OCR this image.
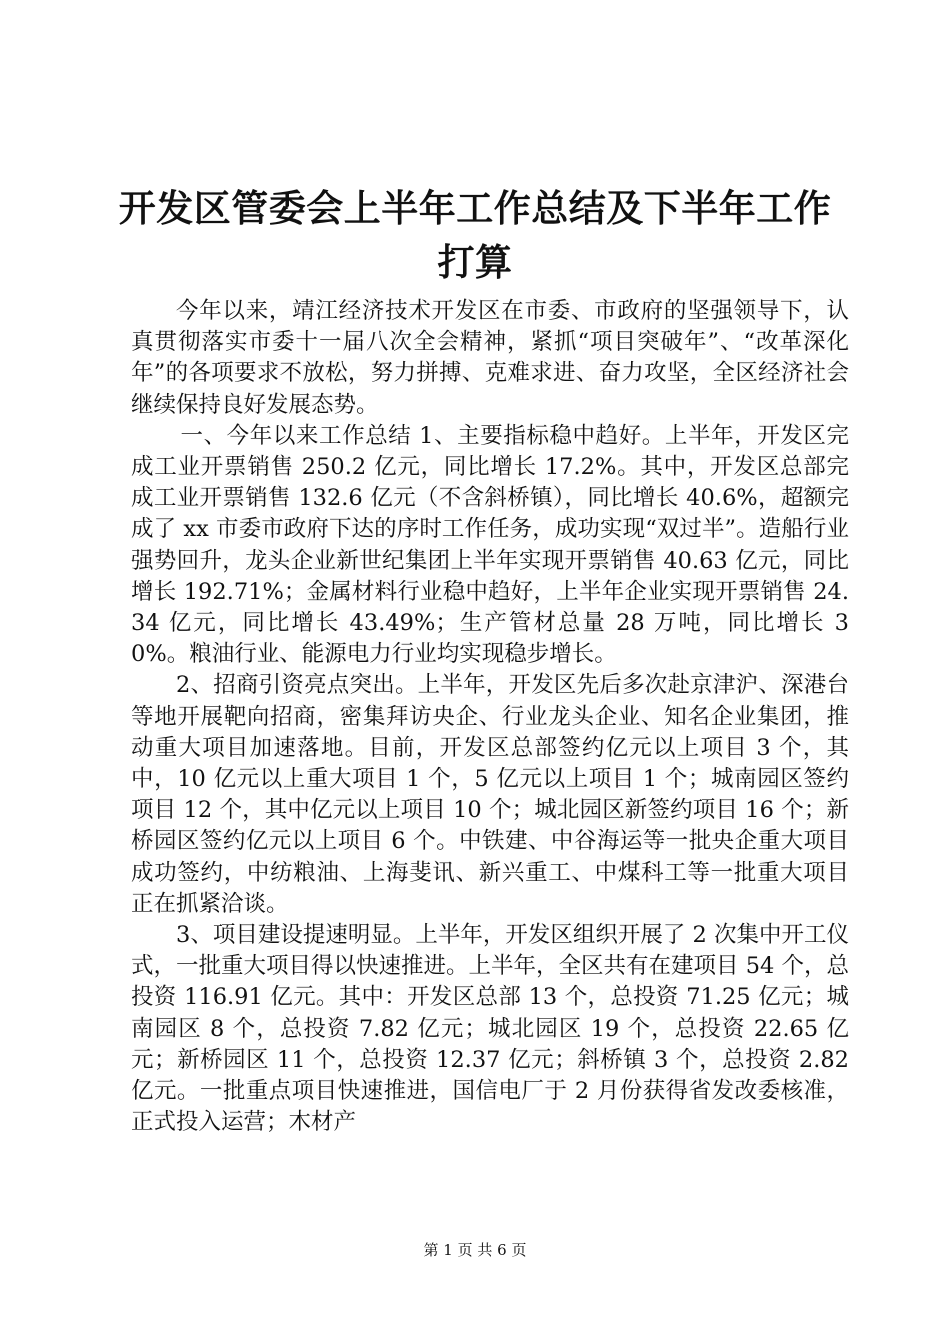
开发区管委会上半年工作总结及下半年工作打算

今年以来，靖江经济技术开发区在市委、市政府的坚强领导下，认真贯彻落实市委十一届八次全会精神，紧抓“项目突破年”、“改革深化年”的各项要求不放松，努力拼搏、克难求进、奋力攻坚，全区经济社会继续保持良好发展态势。

一、今年以来工作总结 1、主要指标稳中趋好。上半年，开发区完成工业开票销售 250.2 亿元，同比增长 17.2%。其中，开发区总部完成工业开票销售 132.6 亿元（不含斜桥镇），同比增长 40.6%，超额完成了 xx 市委市政府下达的序时工作任务，成功实现“双过半”。造船行业强势回升，龙头企业新世纪集团上半年实现开票销售 40.63 亿元，同比增长 192.71%；金属材料行业稳中趋好，上半年企业实现开票销售 24.34 亿元，同比增长 43.49%；生产管材总量 28 万吨，同比增长 30%。粮油行业、能源电力行业均实现稳步增长。

2、招商引资亮点突出。上半年，开发区先后多次赴京津沪、深港台等地开展靶向招商，密集拜访央企、行业龙头企业、知名企业集团，推动重大项目加速落地。目前，开发区总部签约亿元以上项目 3 个，其中，10 亿元以上重大项目 1 个，5 亿元以上项目 1 个；城南园区签约项目 12 个，其中亿元以上项目 10 个；城北园区新签约项目 16 个；新桥园区签约亿元以上项目 6 个。中铁建、中谷海运等一批央企重大项目成功签约，中纺粮油、上海斐讯、新兴重工、中煤科工等一批重大项目正在抓紧洽谈。

3、项目建设提速明显。上半年，开发区组织开展了 2 次集中开工仪式，一批重大项目得以快速推进。上半年，全区共有在建项目 54 个，总投资 116.91 亿元。其中：开发区总部 13 个，总投资 71.25 亿元；城南园区 8 个，总投资 7.82 亿元；城北园区 19 个，总投资 22.65 亿元；新桥园区 11 个，总投资 12.37 亿元；斜桥镇 3 个，总投资 2.82 亿元。一批重点项目快速推进，国信电厂于 2 月份获得省发改委核准，正式投入运营；木材产

第 1 页 共 6 页
